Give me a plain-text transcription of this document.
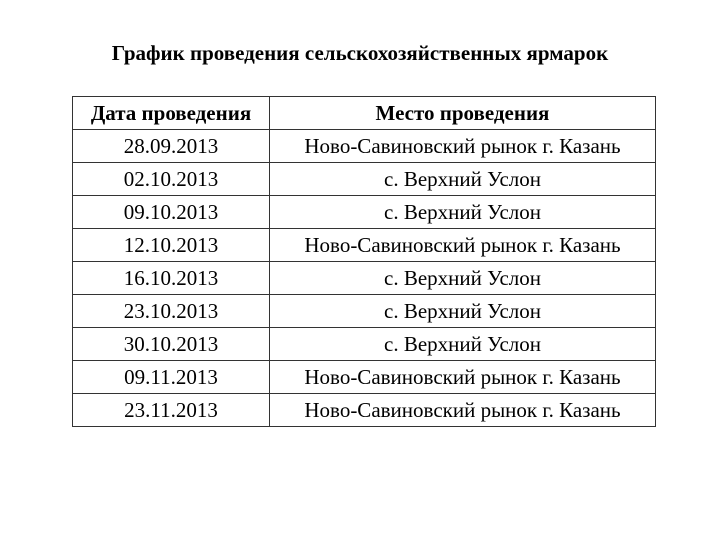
График проведения сельскохозяйственных ярмарок
Дата проведения	Место проведения
28.09.2013	Ново-Савиновский рынок г. Казань
02.10.2013	с. Верхний Услон
09.10.2013	с. Верхний Услон
12.10.2013	Ново-Савиновский рынок г. Казань
16.10.2013	с. Верхний Услон
23.10.2013	с. Верхний Услон
30.10.2013	с. Верхний Услон
09.11.2013	Ново-Савиновский рынок г. Казань
23.11.2013	Ново-Савиновский рынок г. Казань
